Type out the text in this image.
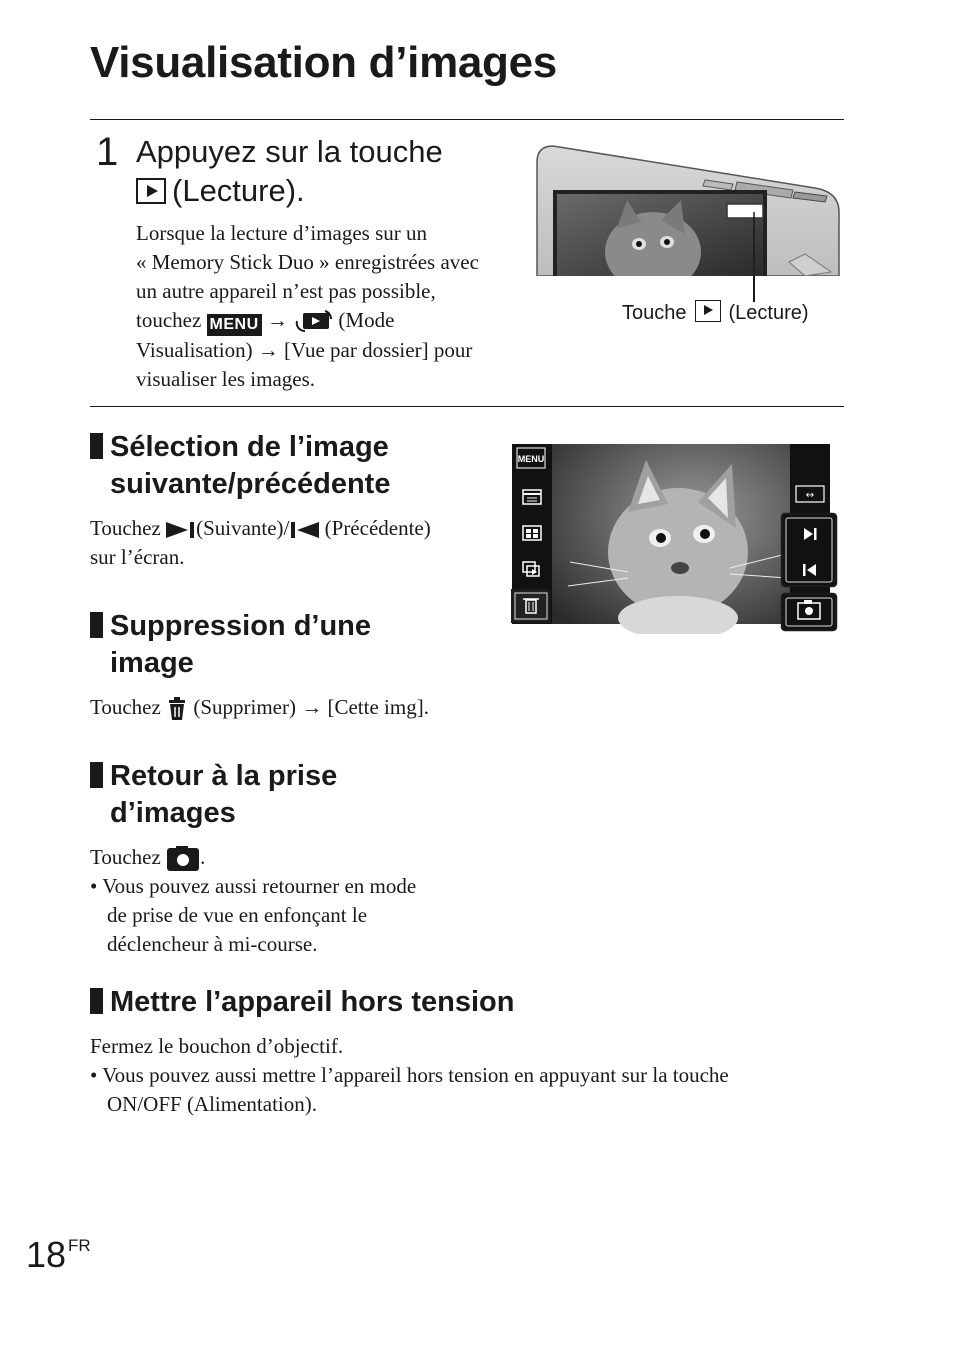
Visualisation d’images
1 Appuyez sur la touche
(Lecture).
Lorsque la lecture d’images sur un
« Memory Stick Duo » enregistrées avec
un autre appareil n’est pas possible,
touchez MENU → (Mode
Visualisation) → [Vue par dossier] pour
visualiser les images.
Touche (Lecture)
Sélection de l’image
suivante/précédente
Touchez (Suivante)/ (Précédente)
sur l’écran.
MENU
↔
Suppression d’une
image
Touchez (Supprimer) → [Cette img].
Retour à la prise
d’images
Touchez .
• Vous pouvez aussi retourner en mode
de prise de vue en enfonçant le
déclencheur à mi-course.
Mettre l’appareil hors tension
Fermez le bouchon d’objectif.
• Vous pouvez aussi mettre l’appareil hors tension en appuyant sur la touche
ON/OFF (Alimentation).
18 $^{FR}$
